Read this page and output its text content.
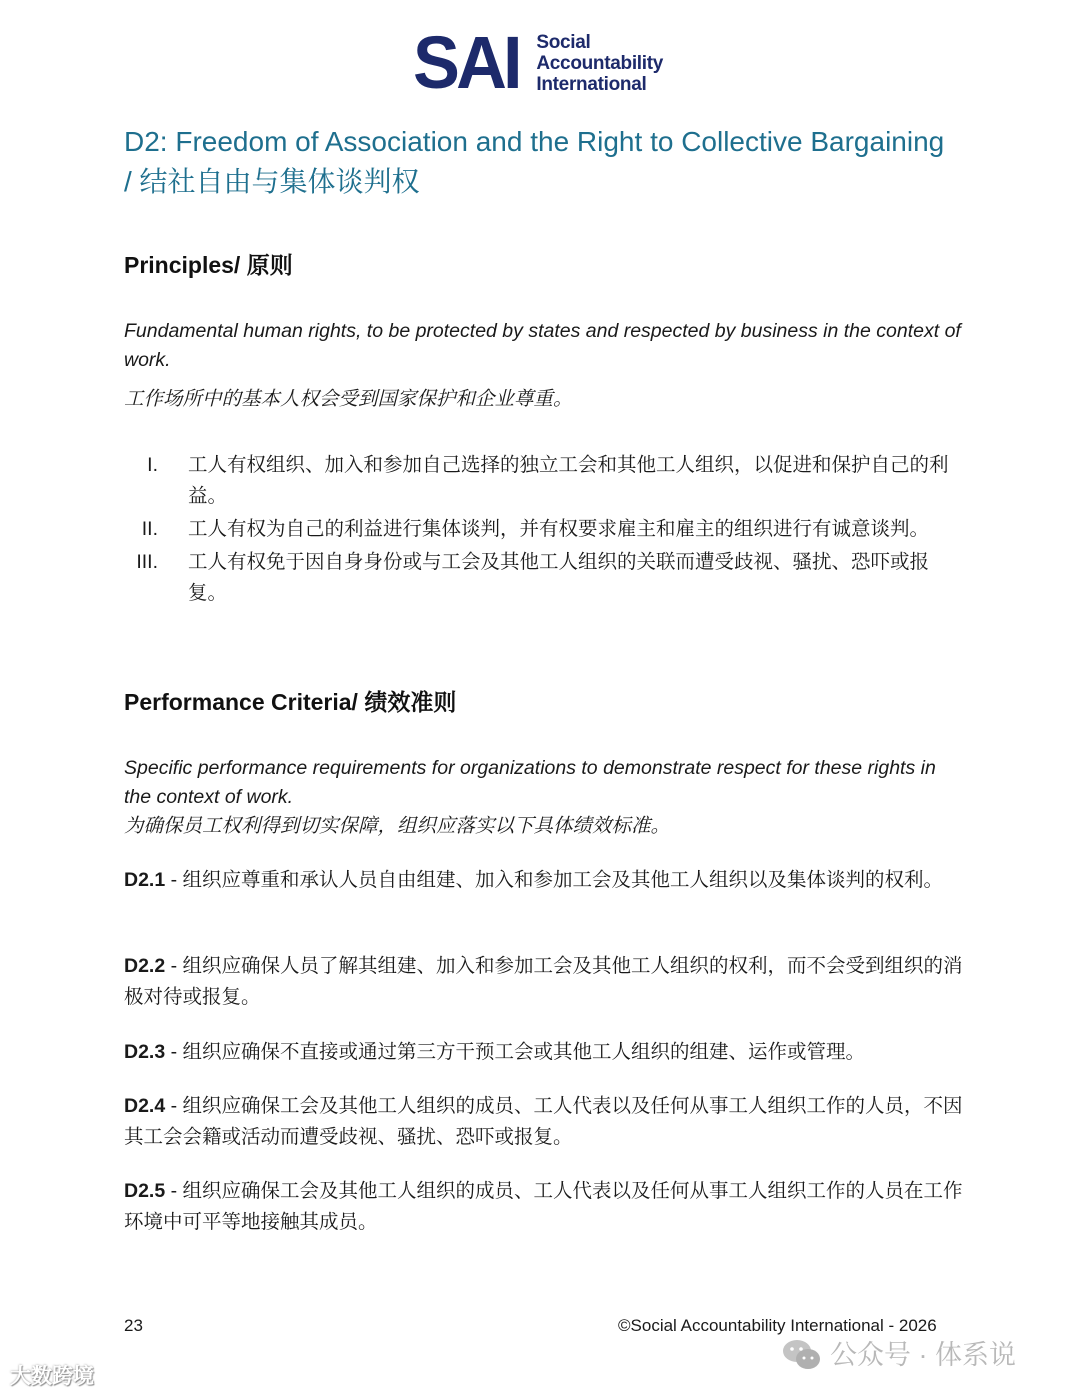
SAI Social
Accountability
International
D2: Freedom of Association and the Right to Collective Bargaining
/ 结社自由与集体谈判权
Principles/ 原则
Fundamental human rights, to be protected by states and respected by business in the context of work.
工作场所中的基本人权会受到国家保护和企业尊重。
I. 工人有权组织、加入和参加自己选择的独立工会和其他工人组织，以促进和保护自己的利益。
II. 工人有权为自己的利益进行集体谈判，并有权要求雇主和雇主的组织进行有诚意谈判。
III. 工人有权免于因自身身份或与工会及其他工人组织的关联而遭受歧视、骚扰、恐吓或报复。
Performance Criteria/ 绩效准则
Specific performance requirements for organizations to demonstrate respect for these rights in the context of work.
为确保员工权利得到切实保障，组织应落实以下具体绩效标准。
D2.1 - 组织应尊重和承认人员自由组建、加入和参加工会及其他工人组织以及集体谈判的权利。
D2.2 - 组织应确保人员了解其组建、加入和参加工会及其他工人组织的权利，而不会受到组织的消极对待或报复。
D2.3 - 组织应确保不直接或通过第三方干预工会或其他工人组织的组建、运作或管理。
D2.4 - 组织应确保工会及其他工人组织的成员、工人代表以及任何从事工人组织工作的人员，不因其工会会籍或活动而遭受歧视、骚扰、恐吓或报复。
D2.5 - 组织应确保工会及其他工人组织的成员、工人代表以及任何从事工人组织工作的人员在工作环境中可平等地接触其成员。
23	©Social Accountability International - 2026
大数跨境
公众号 · 体系说
